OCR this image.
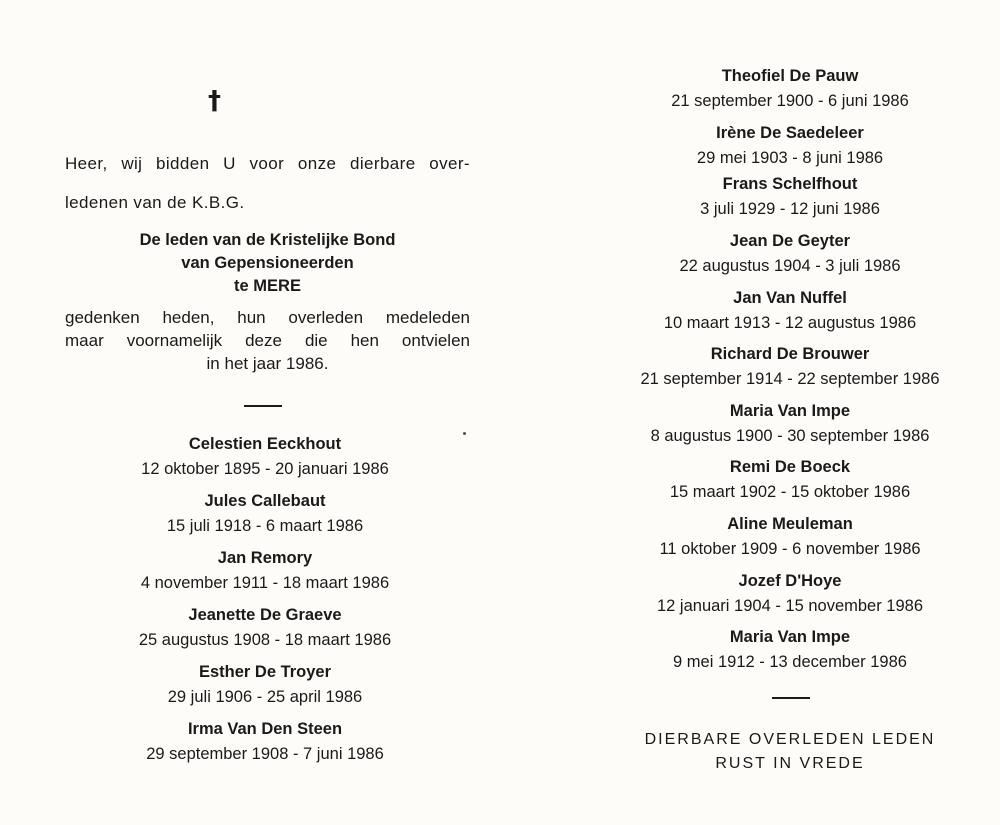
†
Heer, wij bidden U voor onze dierbare over-
ledenen van de K.B.G.
De leden van de Kristelijke Bond
van Gepensioneerden
te MERE
gedenken heden, hun overleden medeleden
maar voornamelijk deze die hen ontvielen
in het jaar 1986.
Celestien Eeckhout
12 oktober 1895 - 20 januari 1986
Jules Callebaut
15 juli 1918 - 6 maart 1986
Jan Remory
4 november 1911 - 18 maart 1986
Jeanette De Graeve
25 augustus 1908 - 18 maart 1986
Esther De Troyer
29 juli 1906 - 25 april 1986
Irma Van Den Steen
29 september 1908 - 7 juni 1986
Theofiel De Pauw
21 september 1900 - 6 juni 1986
Irène De Saedeleer
29 mei 1903 - 8 juni 1986
Frans Schelfhout
3 juli 1929 - 12 juni 1986
Jean De Geyter
22 augustus 1904 - 3 juli 1986
Jan Van Nuffel
10 maart 1913 - 12 augustus 1986
Richard De Brouwer
21 september 1914 - 22 september 1986
Maria Van Impe
8 augustus 1900 - 30 september 1986
Remi De Boeck
15 maart 1902 - 15 oktober 1986
Aline Meuleman
11 oktober 1909 - 6 november 1986
Jozef D'Hoye
12 januari 1904 - 15 november 1986
Maria Van Impe
9 mei 1912 - 13 december 1986
DIERBARE OVERLEDEN LEDEN
RUST IN VREDE
